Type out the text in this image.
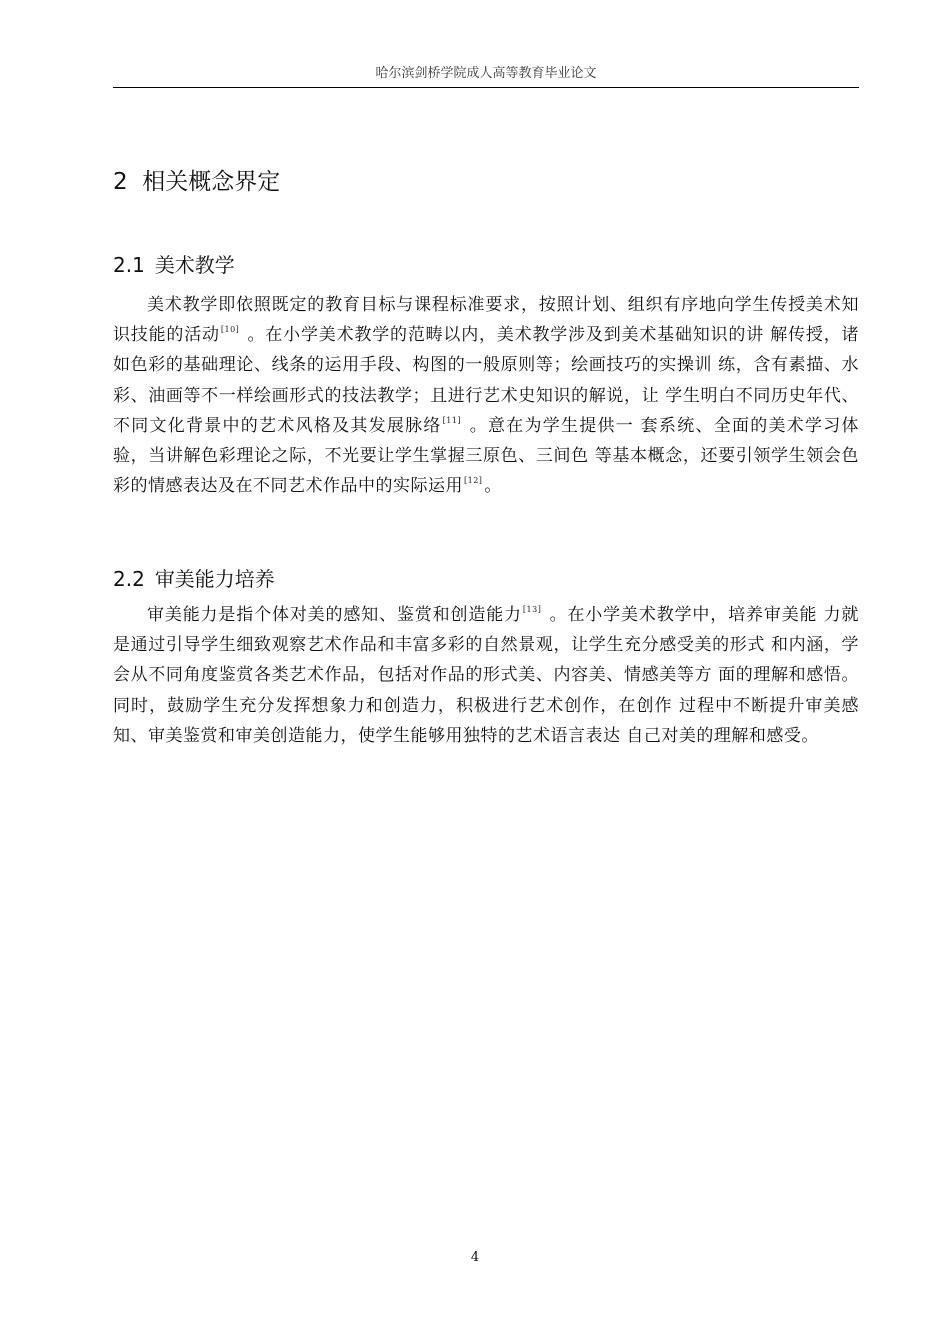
哈尔滨剑桥学院成人高等教育毕业论文
2 相关概念界定
2.1 美术教学

美术教学即依照既定的教育目标与课程标准要求，按照计划、组织有序地向学生传授美术知识技能的活动[10] 。在小学美术教学的范畴以内，美术教学涉及到美术基础知识的讲 解传授，诸如色彩的基础理论、线条的运用手段、构图的一般原则等；绘画技巧的实操训 练，含有素描、水彩、油画等不一样绘画形式的技法教学；且进行艺术史知识的解说，让 学生明白不同历史年代、不同文化背景中的艺术风格及其发展脉络[11] 。意在为学生提供一 套系统、全面的美术学习体验，当讲解色彩理论之际，不光要让学生掌握三原色、三间色 等基本概念，还要引领学生领会色彩的情感表达及在不同艺术作品中的实际运用[12] 。

2.2 审美能力培养

审美能力是指个体对美的感知、鉴赏和创造能力[13] 。在小学美术教学中，培养审美能 力就是通过引导学生细致观察艺术作品和丰富多彩的自然景观，让学生充分感受美的形式 和内涵，学会从不同角度鉴赏各类艺术作品，包括对作品的形式美、内容美、情感美等方 面的理解和感悟。同时，鼓励学生充分发挥想象力和创造力，积极进行艺术创作，在创作 过程中不断提升审美感知、审美鉴赏和审美创造能力，使学生能够用独特的艺术语言表达 自己对美的理解和感受。

4
